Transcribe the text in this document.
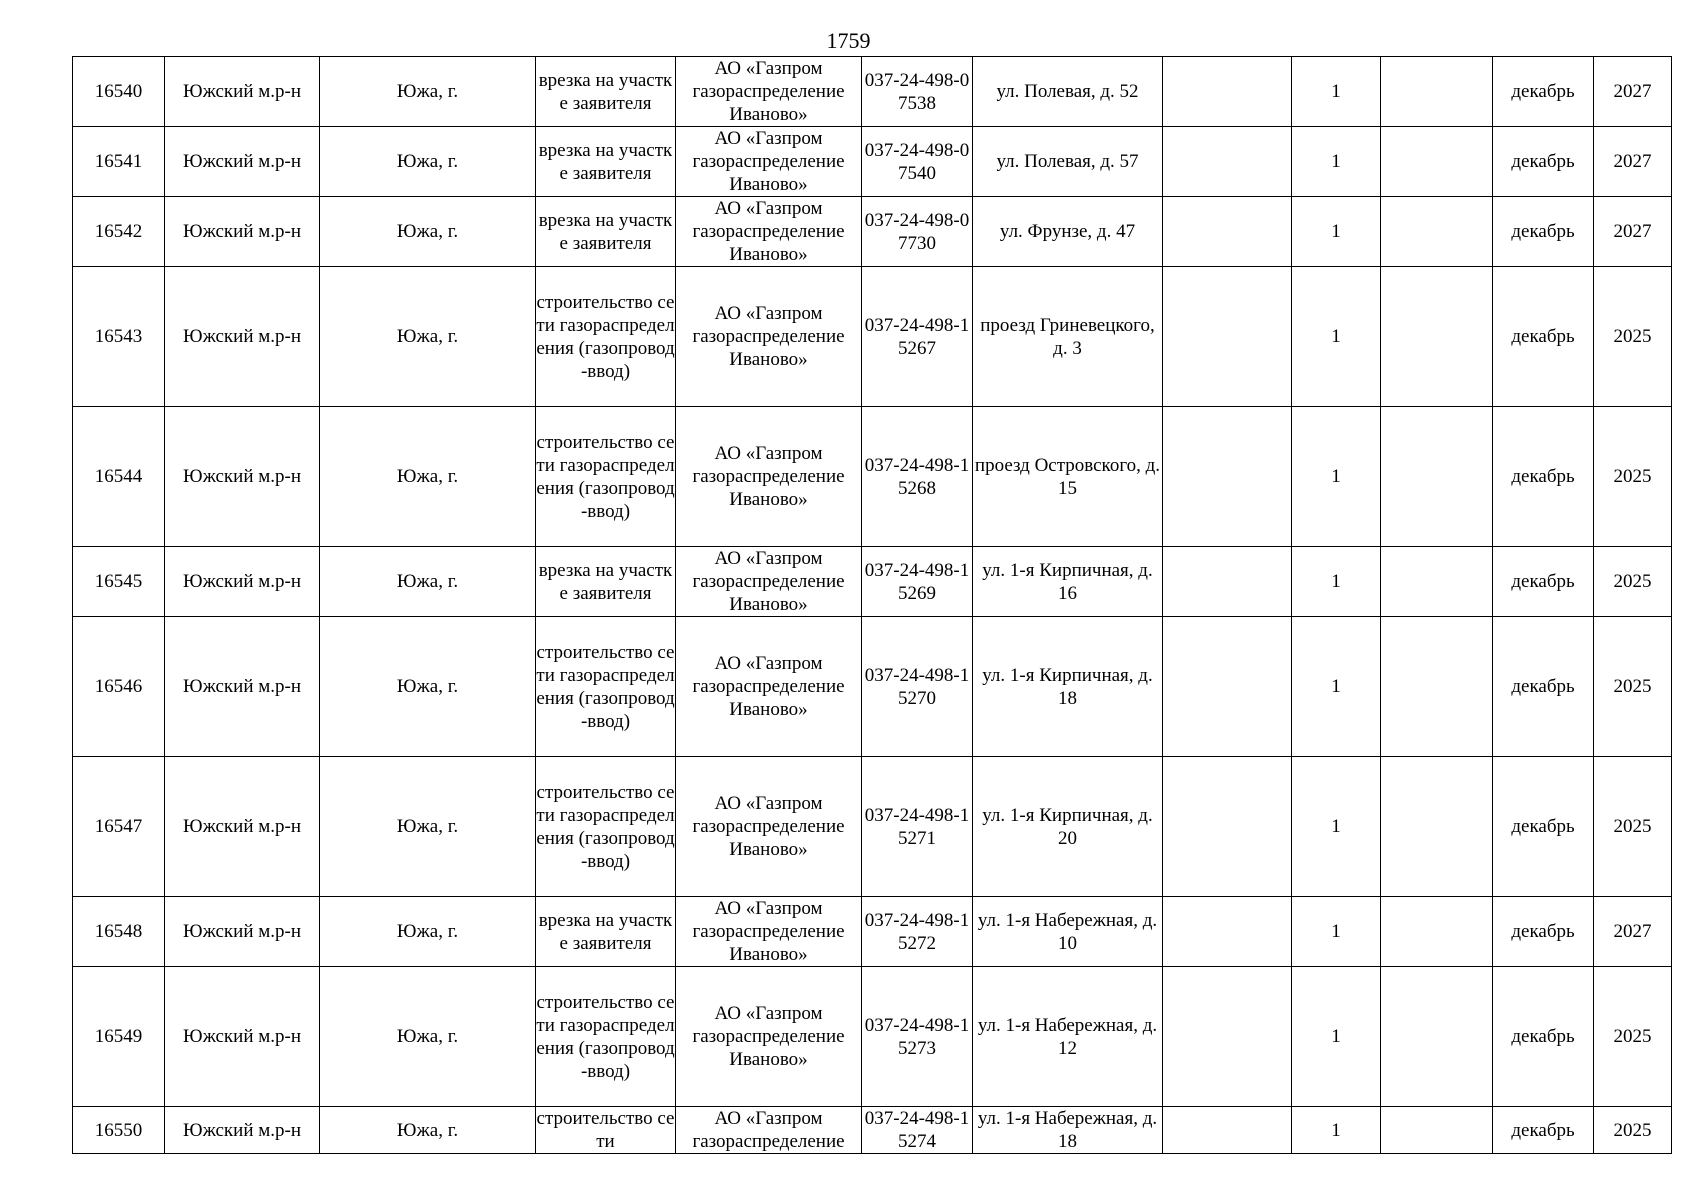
1759
16540	Южский м.р-н	Южа, г.	врезка на участке заявителя	АО «Газпром газораспределение Иваново»	037-24-498-07538	ул. Полевая, д. 52		1		декабрь	2027
16541	Южский м.р-н	Южа, г.	врезка на участке заявителя	АО «Газпром газораспределение Иваново»	037-24-498-07540	ул. Полевая, д. 57		1		декабрь	2027
16542	Южский м.р-н	Южа, г.	врезка на участке заявителя	АО «Газпром газораспределение Иваново»	037-24-498-07730	ул. Фрунзе, д. 47		1		декабрь	2027
16543	Южский м.р-н	Южа, г.	строительство сети газораспределения (газопровод-ввод)	АО «Газпром газораспределение Иваново»	037-24-498-15267	проезд Гриневецкого, д. 3		1		декабрь	2025
16544	Южский м.р-н	Южа, г.	строительство сети газораспределения (газопровод-ввод)	АО «Газпром газораспределение Иваново»	037-24-498-15268	проезд Островского, д. 15		1		декабрь	2025
16545	Южский м.р-н	Южа, г.	врезка на участке заявителя	АО «Газпром газораспределение Иваново»	037-24-498-15269	ул. 1-я Кирпичная, д. 16		1		декабрь	2025
16546	Южский м.р-н	Южа, г.	строительство сети газораспределения (газопровод-ввод)	АО «Газпром газораспределение Иваново»	037-24-498-15270	ул. 1-я Кирпичная, д. 18		1		декабрь	2025
16547	Южский м.р-н	Южа, г.	строительство сети газораспределения (газопровод-ввод)	АО «Газпром газораспределение Иваново»	037-24-498-15271	ул. 1-я Кирпичная, д. 20		1		декабрь	2025
16548	Южский м.р-н	Южа, г.	врезка на участке заявителя	АО «Газпром газораспределение Иваново»	037-24-498-15272	ул. 1-я Набережная, д. 10		1		декабрь	2027
16549	Южский м.р-н	Южа, г.	строительство сети газораспределения (газопровод-ввод)	АО «Газпром газораспределение Иваново»	037-24-498-15273	ул. 1-я Набережная, д. 12		1		декабрь	2025
16550	Южский м.р-н	Южа, г.	строительство сети	АО «Газпром газораспределение	037-24-498-15274	ул. 1-я Набережная, д. 18		1		декабрь	2025
